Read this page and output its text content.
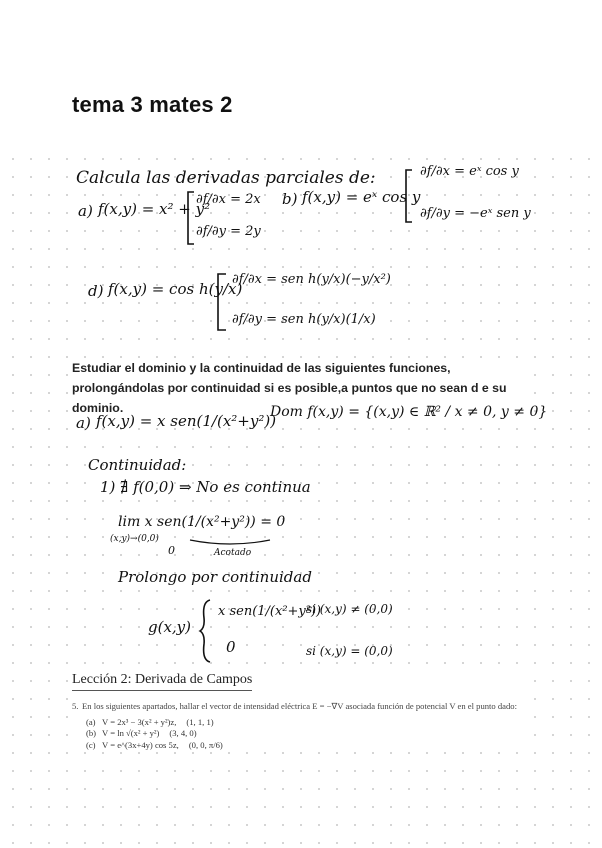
tema 3 mates 2
Calcula las derivadas parciales de:
a) f(x,y) = x² + y²
∂f/∂x = 2x
∂f/∂y = 2y
b) f(x,y) = eˣ cos y
∂f/∂x = eˣ cos y
∂f/∂y = −eˣ sen y
d) f(x,y) = cos h(y/x)
∂f/∂x = sen h(y/x)(−y/x²)
∂f/∂y = sen h(y/x)(1/x)
Estudiar el dominio y la continuidad de las siguientes funciones, prolongándolas por continuidad si es posible,a puntos que no sean d e su dominio.
a) f(x,y) = x sen(1/(x²+y²))
Dom f(x,y) = {(x,y) ∈ ℝ² / x ≠ 0, y ≠ 0}
Continuidad:
1) ∄ f(0,0) ⇒ No es continua
lim x sen(1/(x²+y²)) = 0
(x,y)→(0,0)
0	Acotado
Prolongo por continuidad
g(x,y)
x sen(1/(x²+y²))
si (x,y) ≠ (0,0)
0	si (x,y) = (0,0)
Lección 2: Derivada de Campos
5. En los siguientes apartados, hallar el vector de intensidad eléctrica E = −∇V asociada función de potencial V en el punto dado:
(a) V = 2x³ − 3(x² + y²)z, (1, 1, 1)
(b) V = ln √(x² + y²) (3, 4, 0)
(c) V = e^(3x+4y) cos 5z, (0, 0, π/6)
